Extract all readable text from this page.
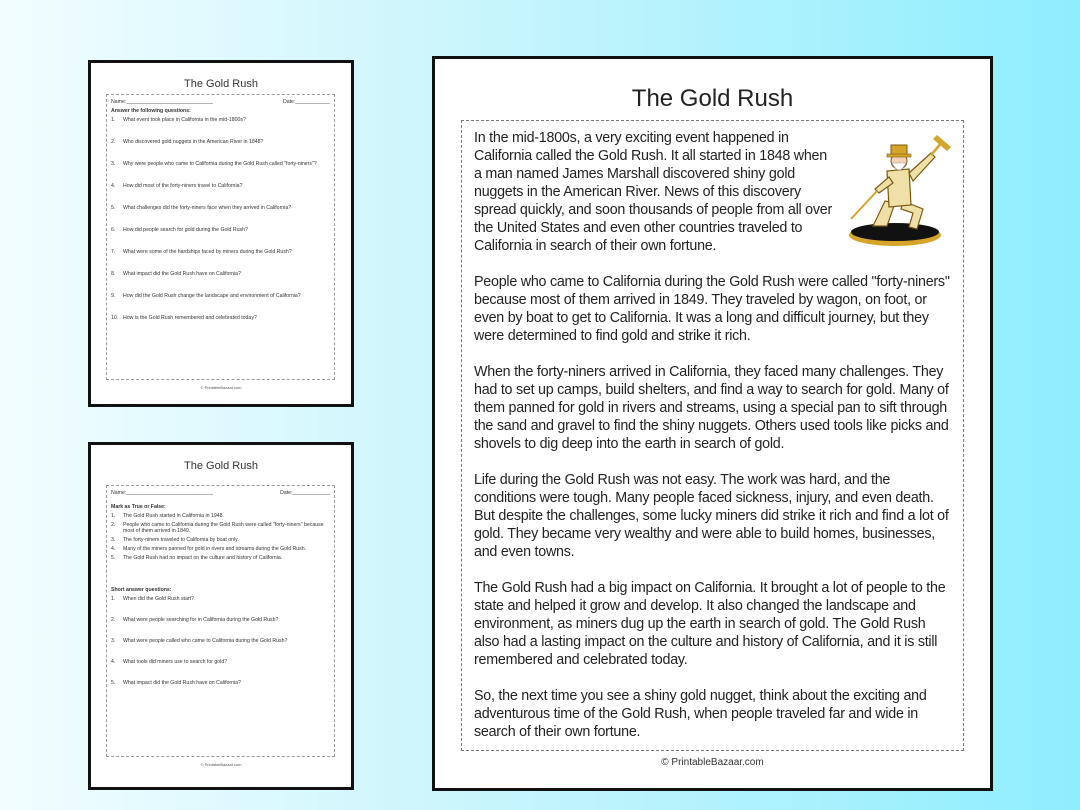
The Gold Rush
Name:______________________________	Date:____________
Answer the following questions:
1.	What event took place in California in the mid-1800s?
2.	Who discovered gold nuggets in the American River in 1848?
3.	Why were people who came to California during the Gold Rush called "forty-niners"?
4.	How did most of the forty-niners travel to California?
5.	What challenges did the forty-niners face when they arrived in California?
6.	How did people search for gold during the Gold Rush?
7.	What were some of the hardships faced by miners during the Gold Rush?
8.	What impact did the Gold Rush have on California?
9.	How did the Gold Rush change the landscape and environment of California?
10. How is the Gold Rush remembered and celebrated today?
© PrintableBazaar.com
The Gold Rush
Name:______________________________	Date:_____________
Mark as True or False:
1.	The Gold Rush started in California in 1948.
2.	People who came to California during the Gold Rush were called "forty-niners" because most of them arrived in 1849.
3.	The forty-niners traveled to California by boat only.
4.	Many of the miners panned for gold in rivers and streams during the Gold Rush.
5.	The Gold Rush had no impact on the culture and history of California.
Short answer questions:
1.	When did the Gold Rush start?
2.	What were people searching for in California during the Gold Rush?
3.	What were people called who came to California during the Gold Rush?
4.	What tools did miners use to search for gold?
5.	What impact did the Gold Rush have on California?
© PrintableBazaar.com
The Gold Rush

In the mid-1800s, a very exciting event happened in California called the Gold Rush. It all started in 1848 when a man named James Marshall discovered shiny gold nuggets in the American River. News of this discovery spread quickly, and soon thousands of people from all over the United States and even other countries traveled to California in search of their own fortune.

People who came to California during the Gold Rush were called "forty-niners" because most of them arrived in 1849. They traveled by wagon, on foot, or even by boat to get to California. It was a long and difficult journey, but they were determined to find gold and strike it rich.

When the forty-niners arrived in California, they faced many challenges. They had to set up camps, build shelters, and find a way to search for gold. Many of them panned for gold in rivers and streams, using a special pan to sift through the sand and gravel to find the shiny nuggets. Others used tools like picks and shovels to dig deep into the earth in search of gold.

Life during the Gold Rush was not easy. The work was hard, and the conditions were tough. Many people faced sickness, injury, and even death. But despite the challenges, some lucky miners did strike it rich and find a lot of gold. They became very wealthy and were able to build homes, businesses, and even towns.

The Gold Rush had a big impact on California. It brought a lot of people to the state and helped it grow and develop. It also changed the landscape and environment, as miners dug up the earth in search of gold. The Gold Rush also had a lasting impact on the culture and history of California, and it is still remembered and celebrated today.

So, the next time you see a shiny gold nugget, think about the exciting and adventurous time of the Gold Rush, when people traveled far and wide in search of their own fortune.

© PrintableBazaar.com
